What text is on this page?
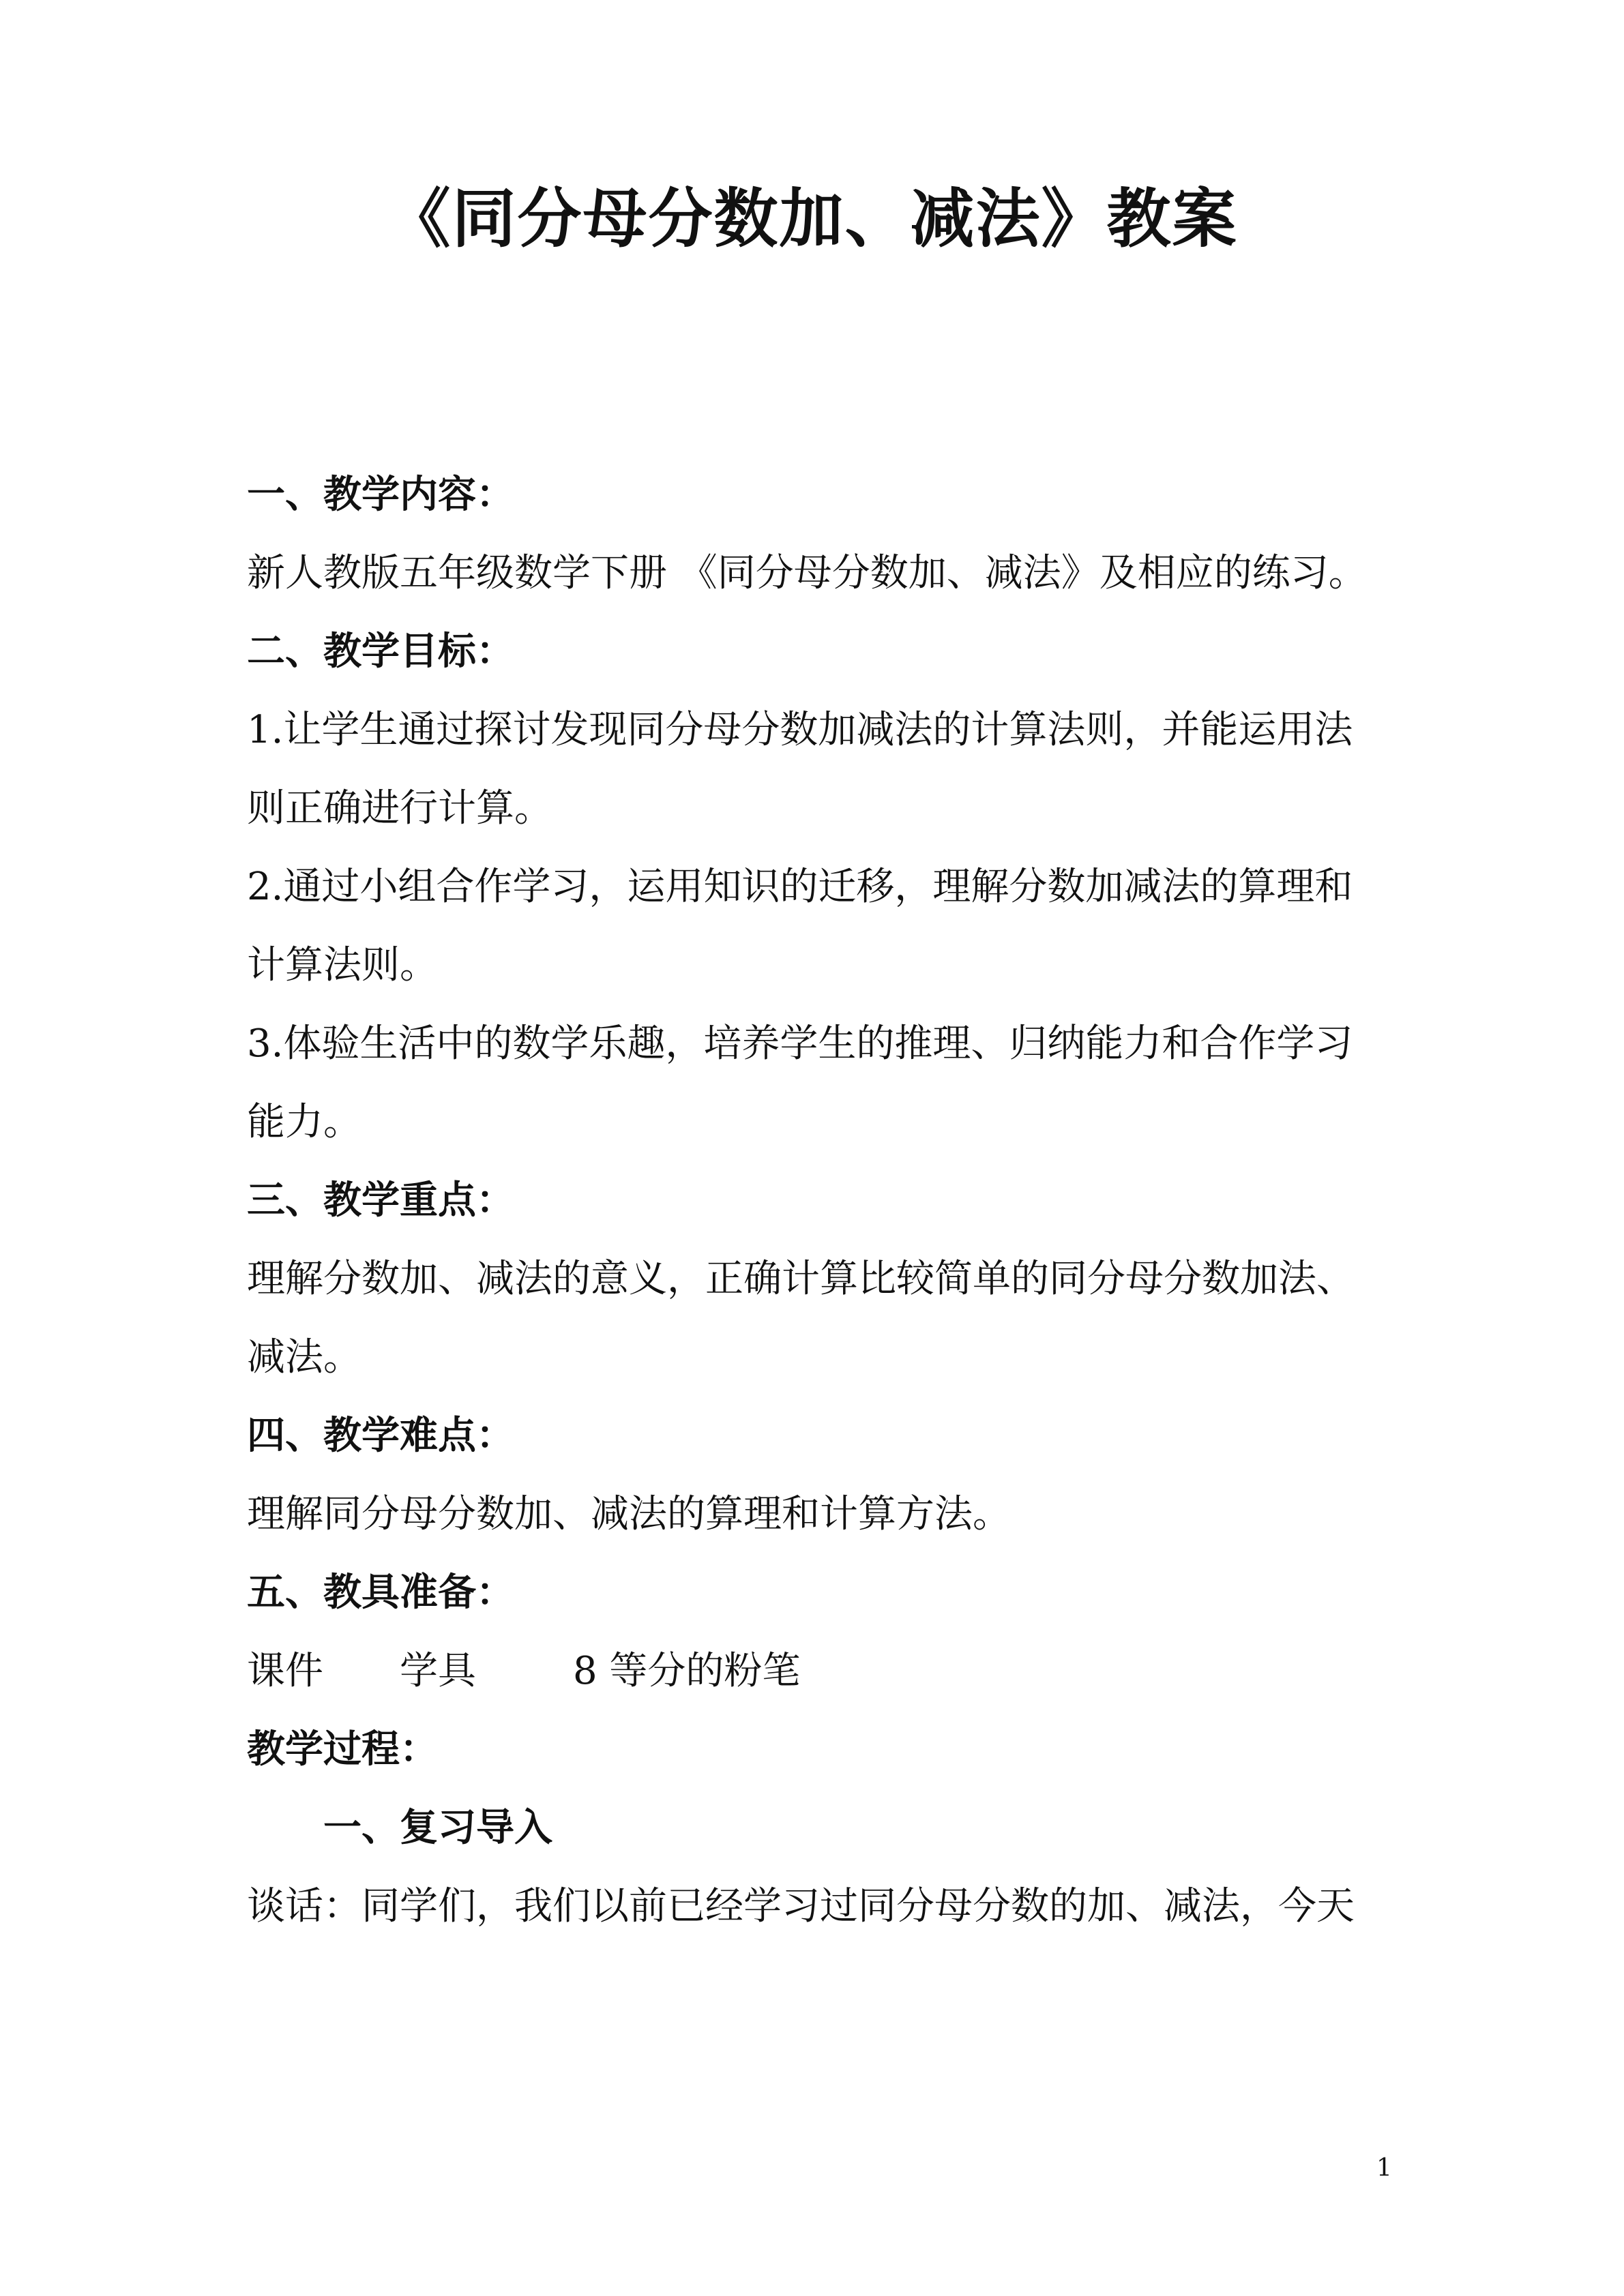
《同分母分数加、减法》教案
一、教学内容：
新人教版五年级数学下册 《同分母分数加、减法》及相应的练习。
二、教学目标：
1.让学生通过探讨发现同分母分数加减法的计算法则，并能运用法
则正确进行计算。
2.通过小组合作学习，运用知识的迁移，理解分数加减法的算理和
计算法则。
3.体验生活中的数学乐趣，培养学生的推理、归纳能力和合作学习
能力。
三、教学重点：
理解分数加、减法的意义，正确计算比较简单的同分母分数加法、
减法。
四、教学难点：
理解同分母分数加、减法的算理和计算方法。
五、教具准备：
课件 学具	8 等分的粉笔
教学过程：
一、复习导入
谈话：同学们，我们以前已经学习过同分母分数的加、减法，今天
1
